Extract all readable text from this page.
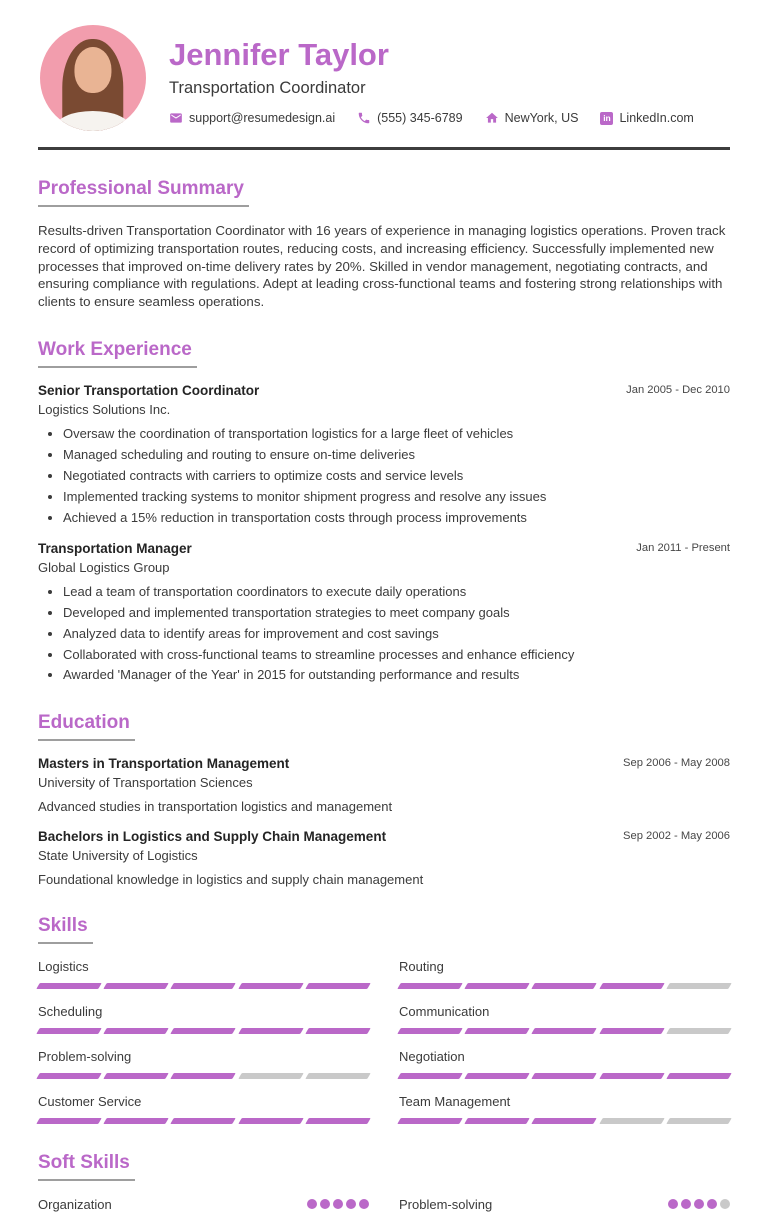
Jennifer Taylor
Transportation Coordinator
support@resumedesign.ai	(555) 345-6789	NewYork, US	in LinkedIn.com
Professional Summary

Results-driven Transportation Coordinator with 16 years of experience in managing logistics operations. Proven track record of optimizing transportation routes, reducing costs, and increasing efficiency. Successfully implemented new processes that improved on-time delivery rates by 20%. Skilled in vendor management, negotiating contracts, and ensuring compliance with regulations. Adept at leading cross-functional teams and fostering strong relationships with clients to ensure seamless operations.

Work Experience
Senior Transportation Coordinator	Jan 2005 - Dec 2010
Logistics Solutions Inc.
• Oversaw the coordination of transportation logistics for a large fleet of vehicles
• Managed scheduling and routing to ensure on-time deliveries
• Negotiated contracts with carriers to optimize costs and service levels
• Implemented tracking systems to monitor shipment progress and resolve any issues
• Achieved a 15% reduction in transportation costs through process improvements
Transportation Manager	Jan 2011 - Present
Global Logistics Group
• Lead a team of transportation coordinators to execute daily operations
• Developed and implemented transportation strategies to meet company goals
• Analyzed data to identify areas for improvement and cost savings
• Collaborated with cross-functional teams to streamline processes and enhance efficiency
• Awarded 'Manager of the Year' in 2015 for outstanding performance and results
Education
Masters in Transportation Management	Sep 2006 - May 2008
University of Transportation Sciences
Advanced studies in transportation logistics and management
Bachelors in Logistics and Supply Chain Management	Sep 2002 - May 2006
State University of Logistics
Foundational knowledge in logistics and supply chain management
Skills
Logistics	Routing
Scheduling	Communication
Problem-solving	Negotiation
Customer Service	Team Management
Soft Skills
Organization	Problem-solving
